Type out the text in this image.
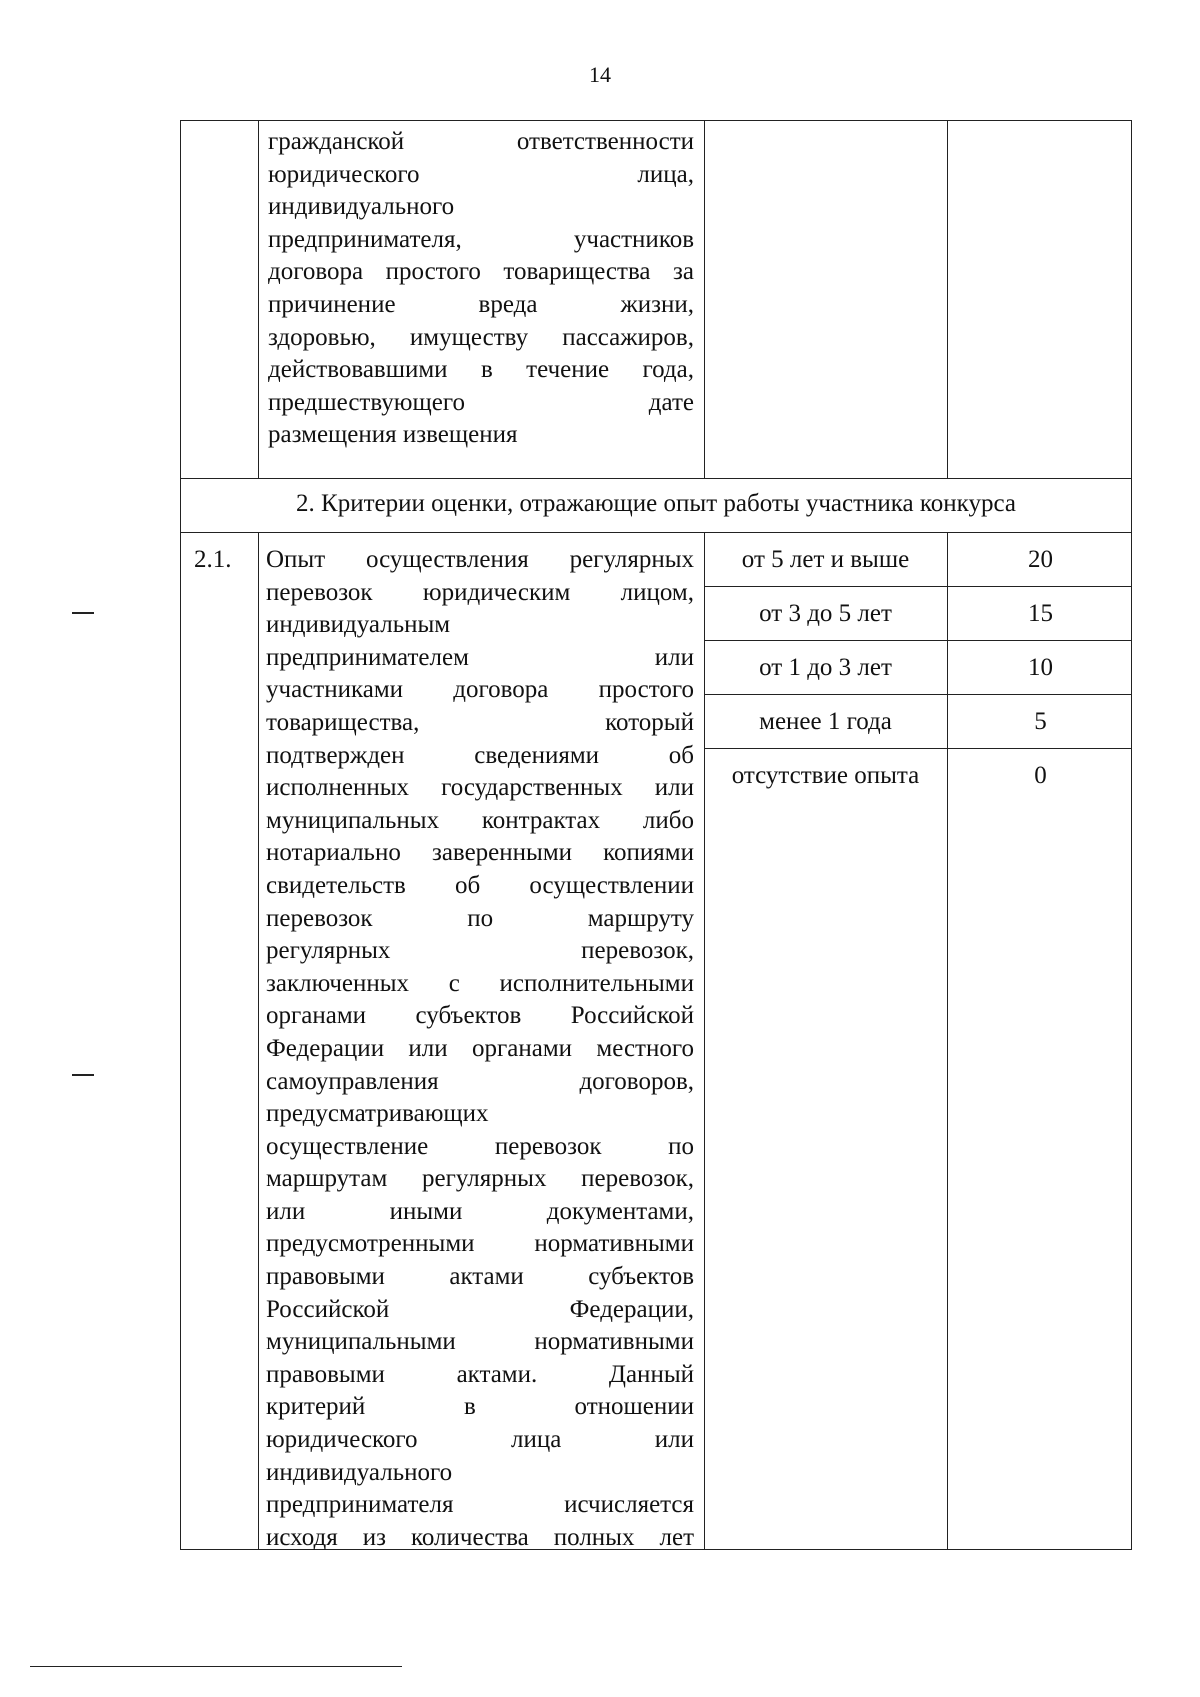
14
гражданской ответственности
юридического лица,
индивидуального
предпринимателя, участников
договора простого товарищества за
причинение вреда жизни,
здоровью, имуществу пассажиров,
действовавшими в течение года,
предшествующего дате
размещения извещения
2. Критерии оценки, отражающие опыт работы участника конкурса
2.1. Опыт осуществления регулярных
перевозок юридическим лицом,
индивидуальным
предпринимателем или
участниками договора простого
товарищества, который
подтвержден сведениями об
исполненных государственных или
муниципальных контрактах либо
нотариально заверенными копиями
свидетельств об осуществлении
перевозок по маршруту
регулярных перевозок,
заключенных с исполнительными
органами субъектов Российской
Федерации или органами местного
самоуправления договоров,
предусматривающих
осуществление перевозок по
маршрутам регулярных перевозок,
или иными документами,
предусмотренными нормативными
правовыми актами субъектов
Российской Федерации,
муниципальными нормативными
правовыми актами. Данный
критерий в отношении
юридического лица или
индивидуального
предпринимателя исчисляется
исходя из количества полных лет
от 5 лет и выше	20
от 3 до 5 лет	15
от 1 до 3 лет	10
менее 1 года	5
отсутствие опыта	0
